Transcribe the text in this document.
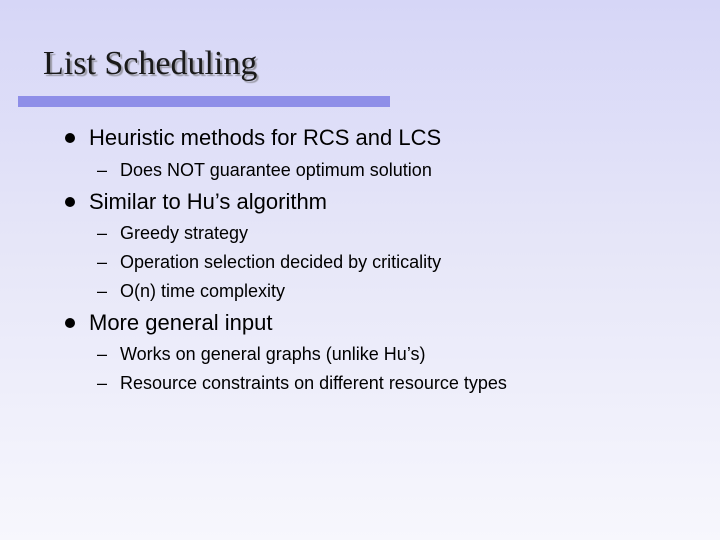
List Scheduling
Heuristic methods for RCS and LCS
– Does NOT guarantee optimum solution
Similar to Hu’s algorithm
– Greedy strategy
– Operation selection decided by criticality
– O(n) time complexity
More general input
– Works on general graphs (unlike Hu’s)
– Resource constraints on different resource types
